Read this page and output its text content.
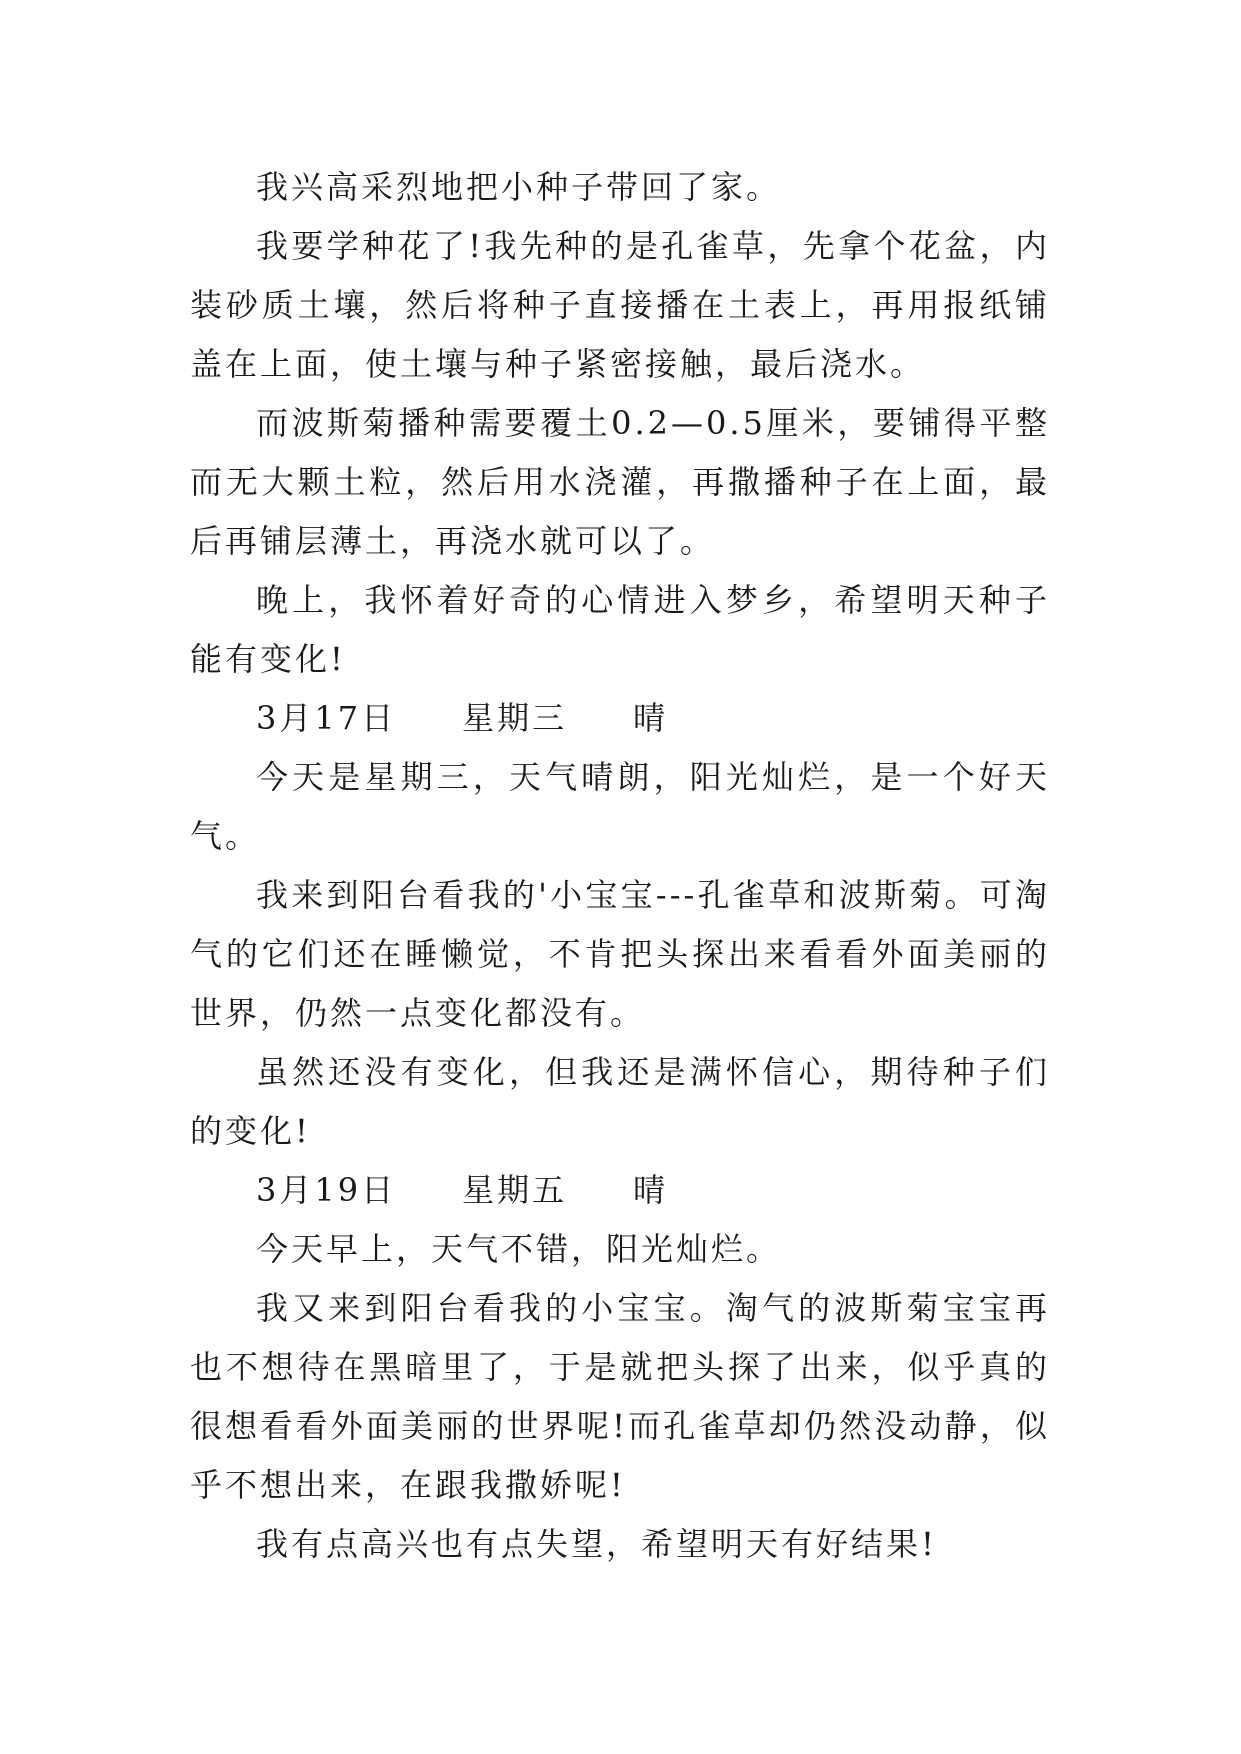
我兴高采烈地把小种子带回了家。

我要学种花了!我先种的是孔雀草，先拿个花盆，内装砂质土壤，然后将种子直接播在土表上，再用报纸铺盖在上面，使土壤与种子紧密接触，最后浇水。

而波斯菊播种需要覆土0.2—0.5厘米，要铺得平整而无大颗土粒，然后用水浇灌，再撒播种子在上面，最后再铺层薄土，再浇水就可以了。

晚上，我怀着好奇的心情进入梦乡，希望明天种子能有变化!

3月17日 星期三 晴

今天是星期三，天气晴朗，阳光灿烂，是一个好天气。

我来到阳台看我的'小宝宝---孔雀草和波斯菊。可淘气的它们还在睡懒觉，不肯把头探出来看看外面美丽的世界，仍然一点变化都没有。

虽然还没有变化，但我还是满怀信心，期待种子们的变化!

3月19日 星期五 晴

今天早上，天气不错，阳光灿烂。

我又来到阳台看我的小宝宝。淘气的波斯菊宝宝再也不想待在黑暗里了，于是就把头探了出来，似乎真的很想看看外面美丽的世界呢!而孔雀草却仍然没动静，似乎不想出来，在跟我撒娇呢!

我有点高兴也有点失望，希望明天有好结果!
